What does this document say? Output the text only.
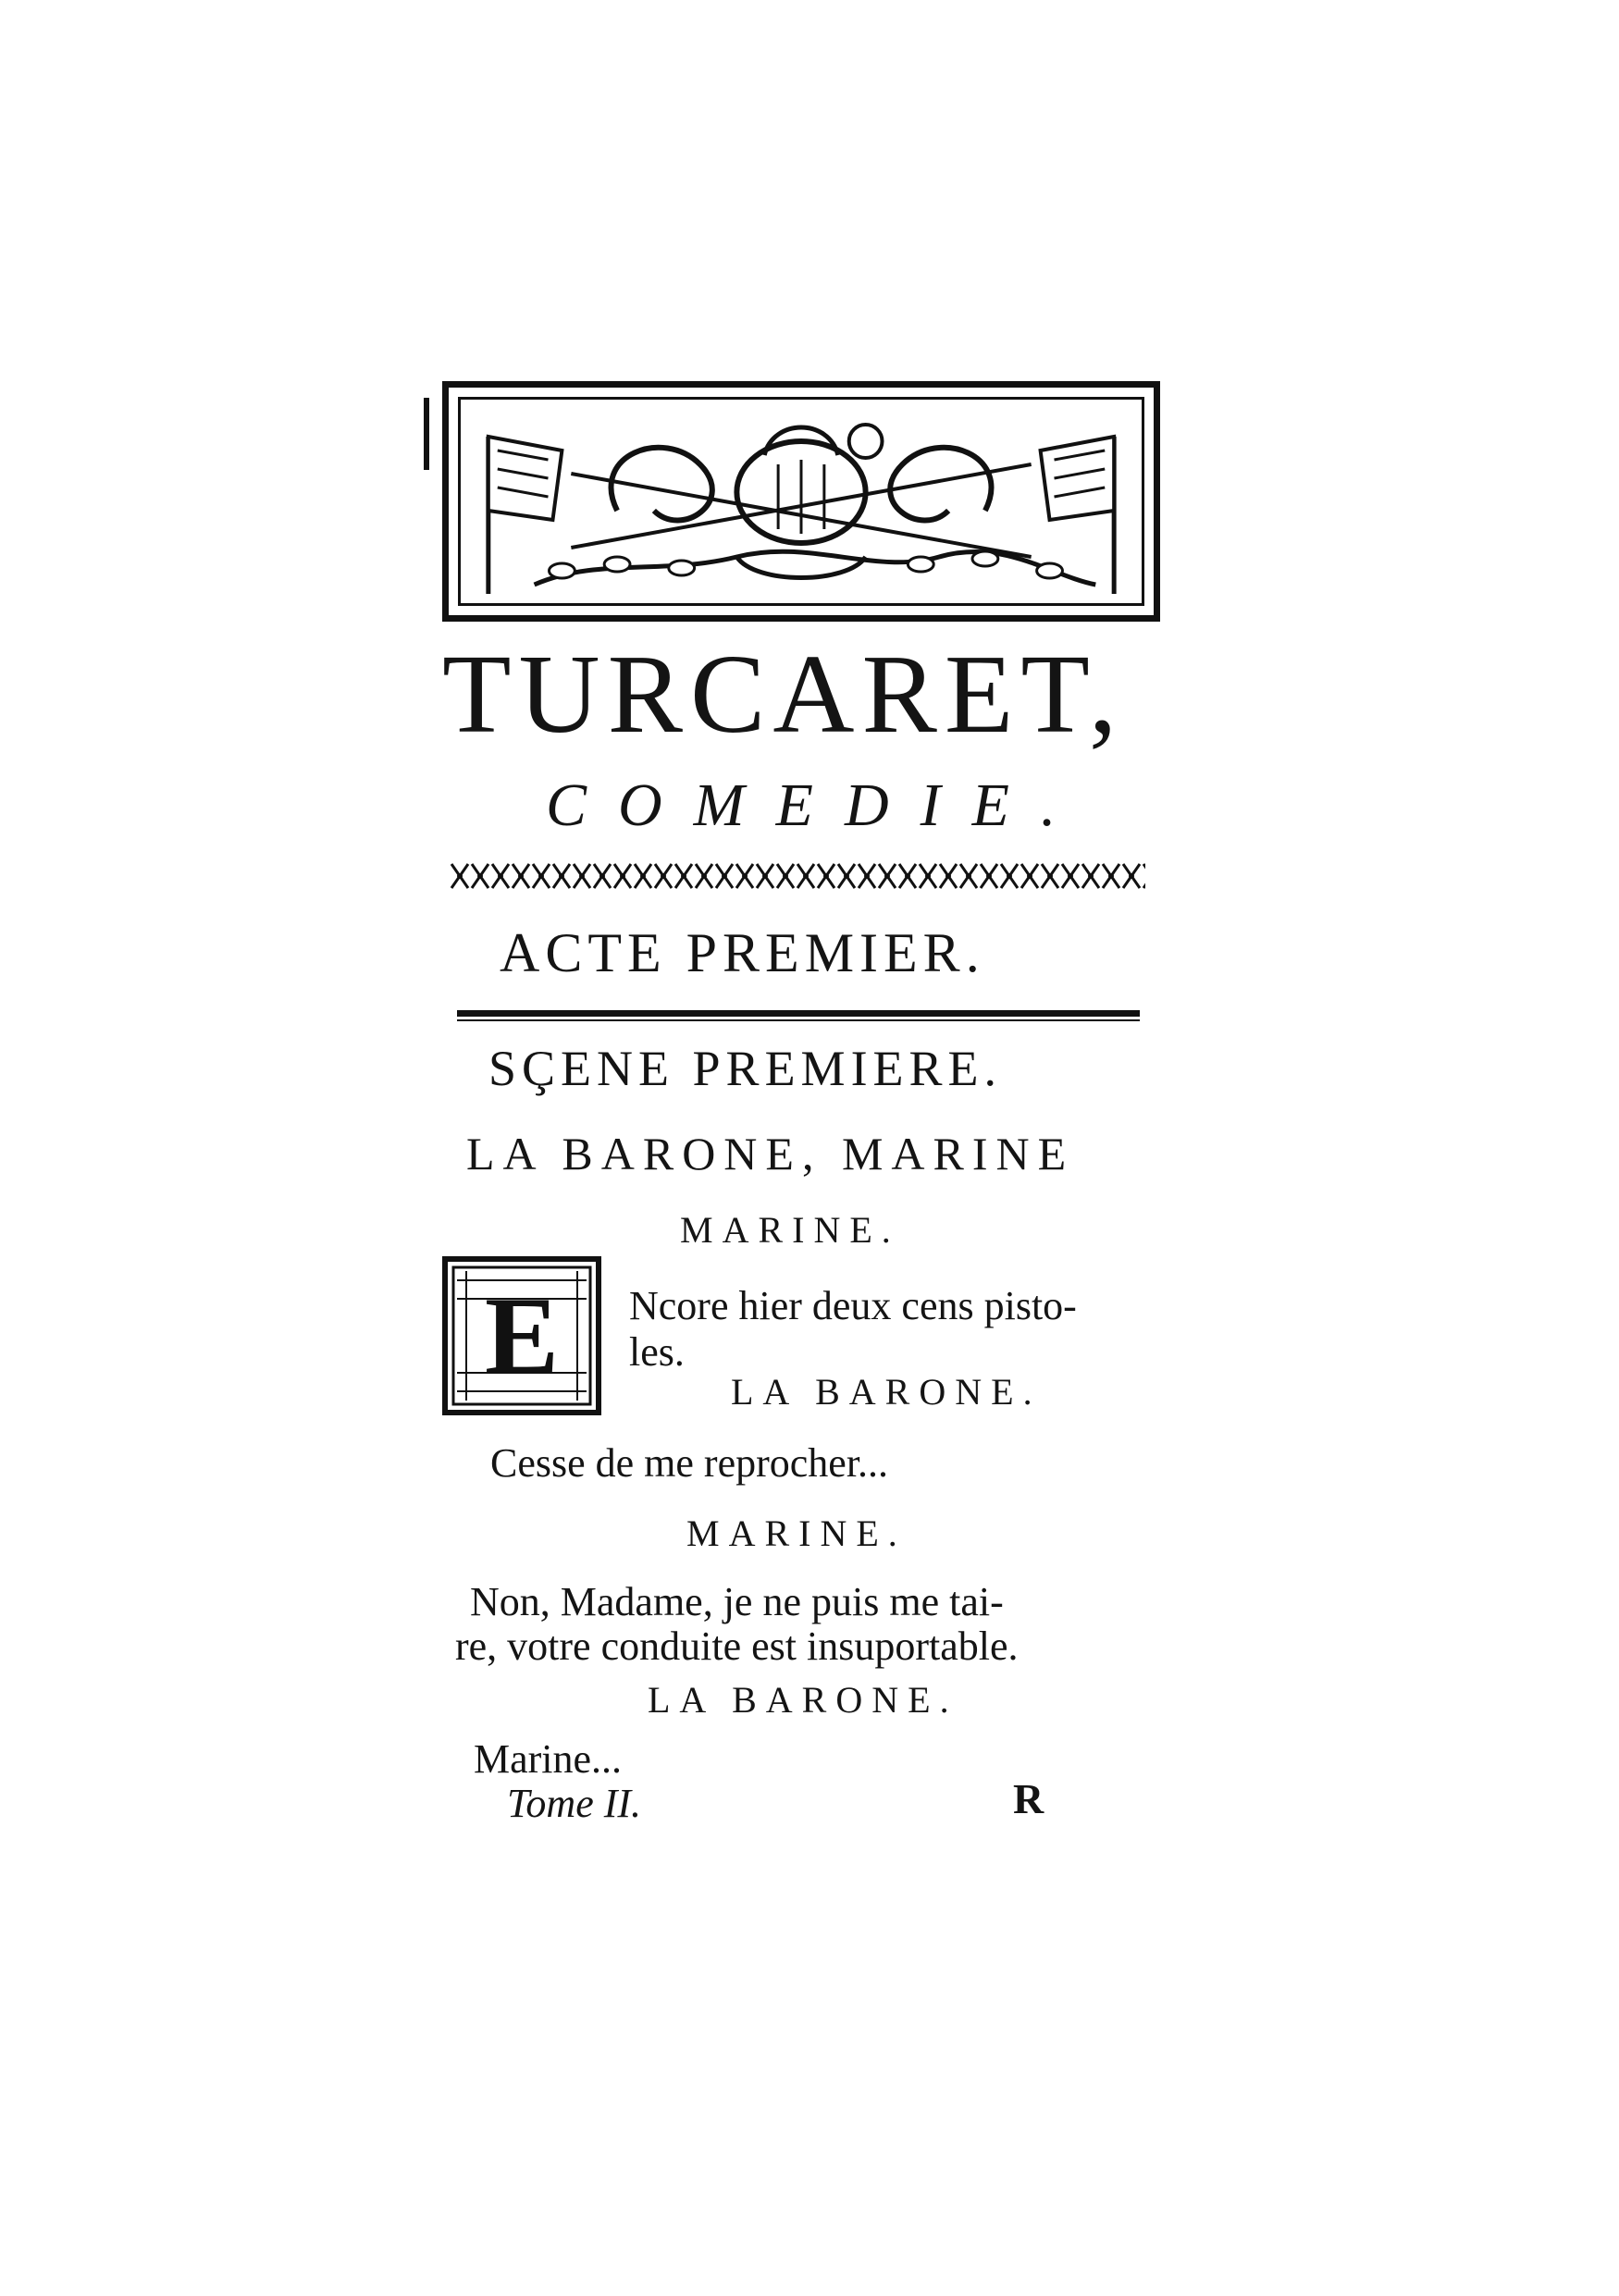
TURCARET,
COMEDIE.
ACTE PREMIER.
SÇENE PREMIERE.
LA BARONE, MARINE
MARINE.
E	Ncore hier deux cens pisto-
les.
LA BARONE.
Cesse de me reprocher...
MARINE.
Non, Madame, je ne puis me tai-
re, votre conduite est insuportable.
LA BARONE.
Marine...
Tome II.	R
